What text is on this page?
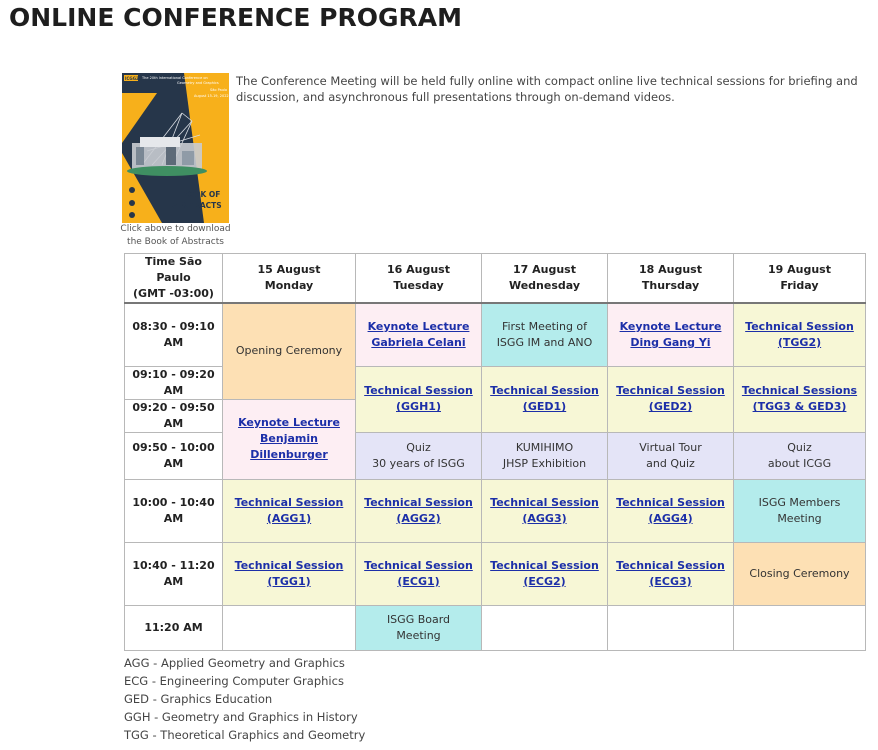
ONLINE CONFERENCE PROGRAM
ICGG2022
The 20th International Conference on
Geometry and Graphics
São Paulo
August 15-19, 2022
BOOK OF
ABSTRACTS
Click above to download
the Book of Abstracts
The Conference Meeting will be held fully online with compact online live technical sessions for briefing and discussion, and asynchronous full presentations through on-demand videos.
Time São Paulo
(GMT -03:00)	15 August
Monday	16 August
Tuesday	17 August
Wednesday	18 August
Thursday	19 August
Friday
08:30 - 09:10 AM	Opening Ceremony	Keynote Lecture
Gabriela Celani	First Meeting of
ISGG IM and ANO	Keynote Lecture
Ding Gang Yi	Technical Session
(TGG2)
09:10 - 09:20 AM		Technical Session
(GGH1)	Technical Session
(GED1)	Technical Session
(GED2)	Technical Sessions
(TGG3 & GED3)
09:20 - 09:50 AM	Keynote Lecture
Benjamin
Dillenburger				
09:50 - 10:00 AM		Quiz
30 years of ISGG	KUMIHIMO
JHSP Exhibition	Virtual Tour
and Quiz	Quiz
about ICGG
10:00 - 10:40 AM	Technical Session
(AGG1)	Technical Session
(AGG2)	Technical Session
(AGG3)	Technical Session
(AGG4)	ISGG Members
Meeting
10:40 - 11:20 AM	Technical Session
(TGG1)	Technical Session
(ECG1)	Technical Session
(ECG2)	Technical Session
(ECG3)	Closing Ceremony
11:20 AM		ISGG Board
Meeting			
AGG - Applied Geometry and Graphics
ECG - Engineering Computer Graphics
GED - Graphics Education
GGH - Geometry and Graphics in History
TGG - Theoretical Graphics and Geometry
